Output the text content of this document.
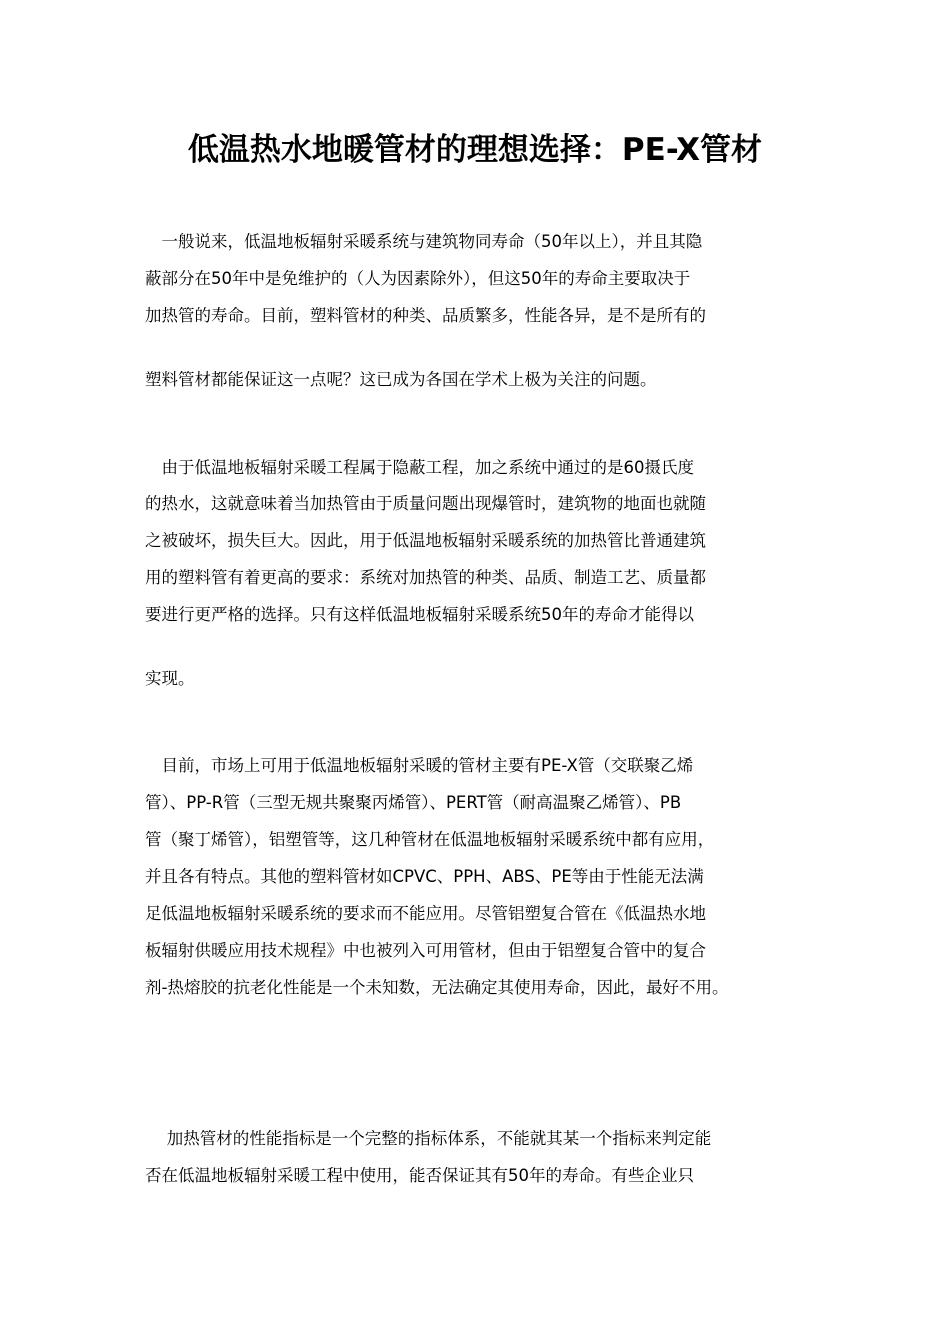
低温热水地暖管材的理想选择：PE-X管材

　一般说来，低温地板辐射采暖系统与建筑物同寿命（50年以上），并且其隐

蔽部分在50年中是免维护的（人为因素除外），但这50年的寿命主要取决于

加热管的寿命。目前，塑料管材的种类、品质繁多，性能各异，是不是所有的

塑料管材都能保证这一点呢？这已成为各国在学术上极为关注的问题。

　由于低温地板辐射采暖工程属于隐蔽工程，加之系统中通过的是60摄氏度

的热水，这就意味着当加热管由于质量问题出现爆管时，建筑物的地面也就随

之被破坏，损失巨大。因此，用于低温地板辐射采暖系统的加热管比普通建筑

用的塑料管有着更高的要求：系统对加热管的种类、品质、制造工艺、质量都

要进行更严格的选择。只有这样低温地板辐射采暖系统50年的寿命才能得以

实现。

　目前，市场上可用于低温地板辐射采暖的管材主要有PE-X管（交联聚乙烯

管）、PP-R管（三型无规共聚聚丙烯管）、PERT管（耐高温聚乙烯管）、PB

管（聚丁烯管），铝塑管等，这几种管材在低温地板辐射采暖系统中都有应用，

并且各有特点。其他的塑料管材如CPVC、PPH、ABS、PE等由于性能无法满

足低温地板辐射采暖系统的要求而不能应用。尽管铝塑复合管在《低温热水地

板辐射供暖应用技术规程》中也被列入可用管材，但由于铝塑复合管中的复合

剂-热熔胶的抗老化性能是一个未知数，无法确定其使用寿命，因此，最好不用。

　 加热管材的性能指标是一个完整的指标体系，不能就其某一个指标来判定能

否在低温地板辐射采暖工程中使用，能否保证其有50年的寿命。有些企业只
